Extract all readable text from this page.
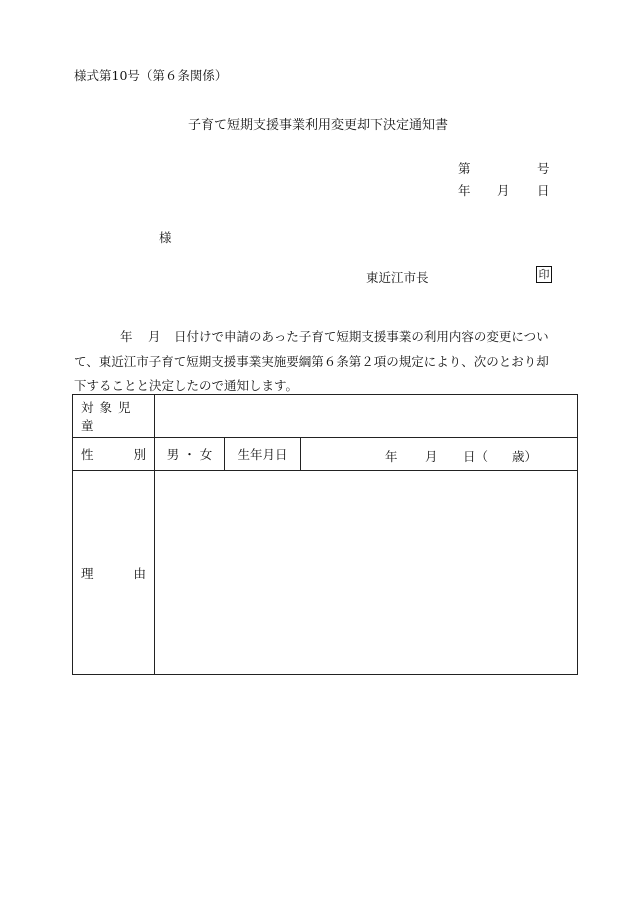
様式第10号（第６条関係）
子育て短期支援事業利用変更却下決定通知書
第	号
年 月 日
様
東近江市長	印
年 月 日付けで申請のあった子育て短期支援事業の利用内容の変更につい
て、東近江市子育て短期支援事業実施要綱第６条第２項の規定により、次のとおり却
下することと決定したので通知します。
対象児童			

性 別	男 ・ 女	生年月日	年 月 日（ 歳）

理 由			
